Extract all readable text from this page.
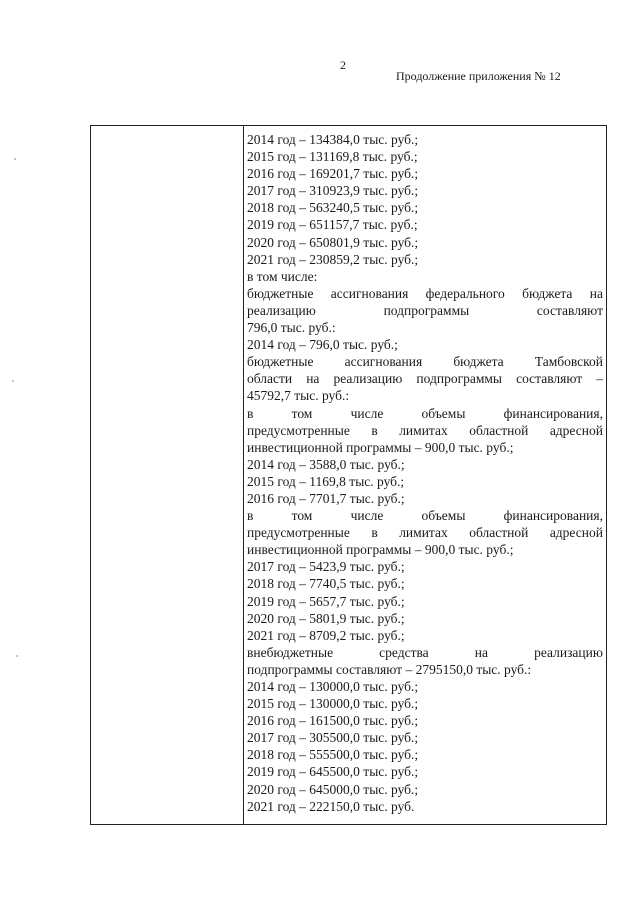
2
Продолжение приложения № 12
2014 год – 134384,0 тыс. руб.;
2015 год – 131169,8 тыс. руб.;
2016 год – 169201,7 тыс. руб.;
2017 год – 310923,9 тыс. руб.;
2018 год – 563240,5 тыс. руб.;
2019 год – 651157,7 тыс. руб.;
2020 год – 650801,9 тыс. руб.;
2021 год – 230859,2 тыс. руб.;
в том числе:
бюджетные ассигнования федерального бюджета на
реализацию	подпрограммы	составляют
796,0 тыс. руб.:
2014 год – 796,0 тыс. руб.;
бюджетные ассигнования бюджета Тамбовской
области на реализацию подпрограммы составляют –
45792,7 тыс. руб.:
в	том	числе	объемы	финансирования,
предусмотренные в лимитах областной адресной
инвестиционной программы – 900,0 тыс. руб.;
2014 год – 3588,0 тыс. руб.;
2015 год – 1169,8 тыс. руб.;
2016 год – 7701,7 тыс. руб.;
в	том	числе	объемы	финансирования,
предусмотренные в лимитах областной адресной
инвестиционной программы – 900,0 тыс. руб.;
2017 год – 5423,9 тыс. руб.;
2018 год – 7740,5 тыс. руб.;
2019 год – 5657,7 тыс. руб.;
2020 год – 5801,9 тыс. руб.;
2021 год – 8709,2 тыс. руб.;
внебюджетные	средства	на	реализацию
подпрограммы составляют – 2795150,0 тыс. руб.:
2014 год – 130000,0 тыс. руб.;
2015 год – 130000,0 тыс. руб.;
2016 год – 161500,0 тыс. руб.;
2017 год – 305500,0 тыс. руб.;
2018 год – 555500,0 тыс. руб.;
2019 год – 645500,0 тыс. руб.;
2020 год – 645000,0 тыс. руб.;
2021 год – 222150,0 тыс. руб.
